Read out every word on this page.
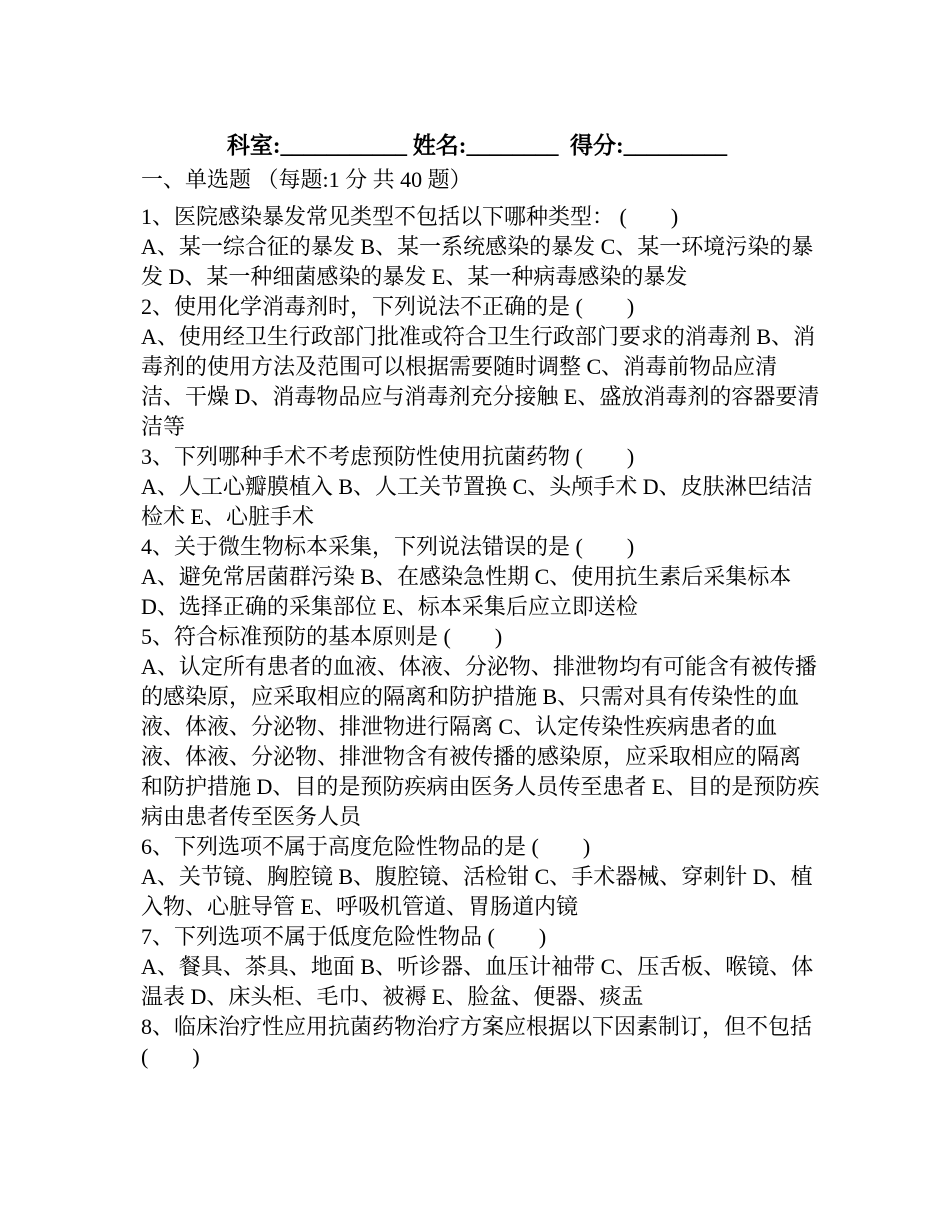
科室:___________ 姓名:________  得分:_________
一、单选题 （每题:1 分 共 40 题）
1、医院感染暴发常见类型不包括以下哪种类型： (        )
A、某一综合征的暴发 B、某一系统感染的暴发 C、某一环境污染的暴发 D、某一种细菌感染的暴发 E、某一种病毒感染的暴发
2、使用化学消毒剂时，下列说法不正确的是 (        )
A、使用经卫生行政部门批准或符合卫生行政部门要求的消毒剂 B、消毒剂的使用方法及范围可以根据需要随时调整 C、消毒前物品应清洁、干燥 D、消毒物品应与消毒剂充分接触 E、盛放消毒剂的容器要清洁等
3、下列哪种手术不考虑预防性使用抗菌药物 (        )
A、人工心瓣膜植入 B、人工关节置换 C、头颅手术 D、皮肤淋巴结洁检术 E、心脏手术
4、关于微生物标本采集，下列说法错误的是 (        )
A、避免常居菌群污染 B、在感染急性期 C、使用抗生素后采集标本 D、选择正确的采集部位 E、标本采集后应立即送检
5、符合标准预防的基本原则是 (        )
A、认定所有患者的血液、体液、分泌物、排泄物均有可能含有被传播的感染原，应采取相应的隔离和防护措施 B、只需对具有传染性的血液、体液、分泌物、排泄物进行隔离 C、认定传染性疾病患者的血液、体液、分泌物、排泄物含有被传播的感染原，应采取相应的隔离和防护措施 D、目的是预防疾病由医务人员传至患者 E、目的是预防疾病由患者传至医务人员
6、下列选项不属于高度危险性物品的是 (        )
A、关节镜、胸腔镜 B、腹腔镜、活检钳 C、手术器械、穿刺针 D、植入物、心脏导管 E、呼吸机管道、胃肠道内镜
7、下列选项不属于低度危险性物品 (        )
A、餐具、茶具、地面 B、听诊器、血压计袖带 C、压舌板、喉镜、体温表 D、床头柜、毛巾、被褥 E、脸盆、便器、痰盂
8、临床治疗性应用抗菌药物治疗方案应根据以下因素制订，但不包括 (        )
